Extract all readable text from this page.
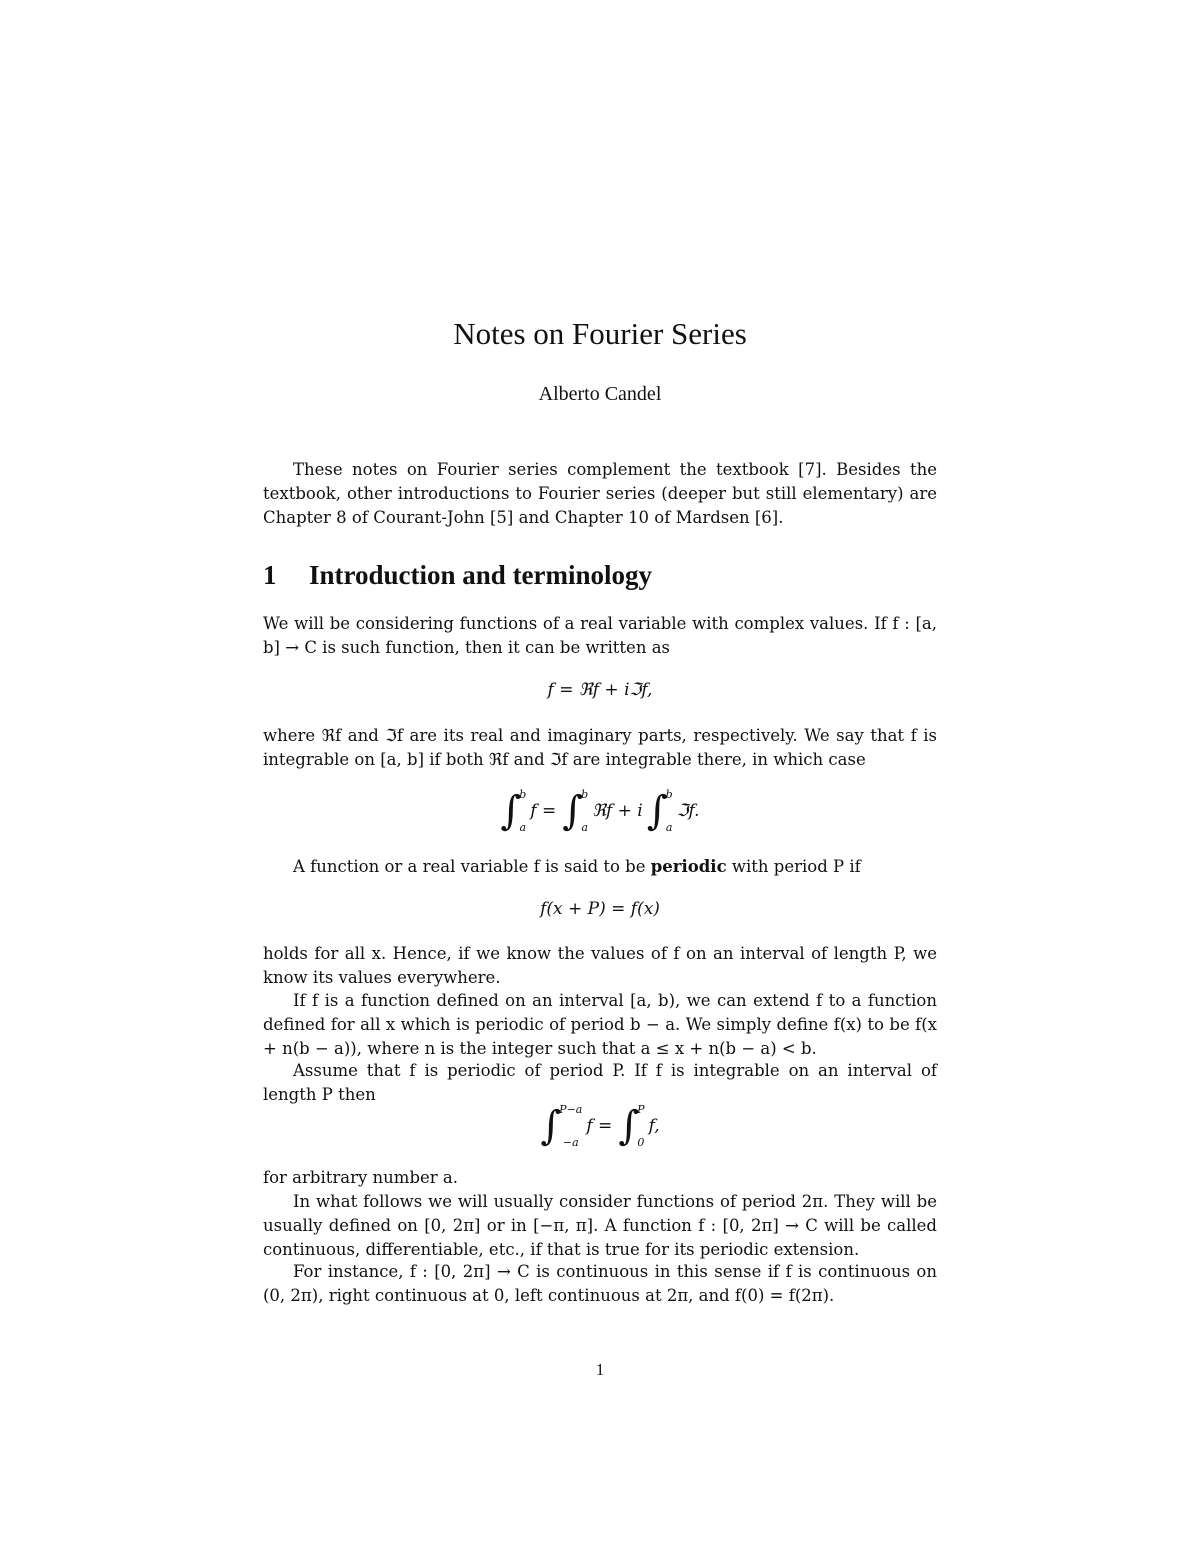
Notes on Fourier Series
Alberto Candel

These notes on Fourier series complement the textbook [7]. Besides the textbook, other introductions to Fourier series (deeper but still elementary) are Chapter 8 of Courant-John [5] and Chapter 10 of Mardsen [6].

1 Introduction and terminology

We will be considering functions of a real variable with complex values. If f : [a, b] → C is such function, then it can be written as

f = ℜf + iℑf,

where ℜf and ℑf are its real and imaginary parts, respectively. We say that f is integrable on [a, b] if both ℜf and ℑf are integrable there, in which case

∫
b
a
f = ∫
b
a
ℜf + i ∫
b
a
ℑf.

A function or a real variable f is said to be periodic with period P if

f(x + P) = f(x)

holds for all x. Hence, if we know the values of f on an interval of length P, we know its values everywhere.

If f is a function defined on an interval [a, b), we can extend f to a function defined for all x which is periodic of period b − a. We simply define f(x) to be f(x + n(b − a)), where n is the integer such that a ≤ x + n(b − a) < b.

Assume that f is periodic of period P. If f is integrable on an interval of length P then

∫
P−a
−a
f = ∫
P
0
f,

for arbitrary number a.

In what follows we will usually consider functions of period 2π. They will be usually defined on [0, 2π] or in [−π, π]. A function f : [0, 2π] → C will be called continuous, differentiable, etc., if that is true for its periodic extension.

For instance, f : [0, 2π] → C is continuous in this sense if f is continuous on (0, 2π), right continuous at 0, left continuous at 2π, and f(0) = f(2π).

1
